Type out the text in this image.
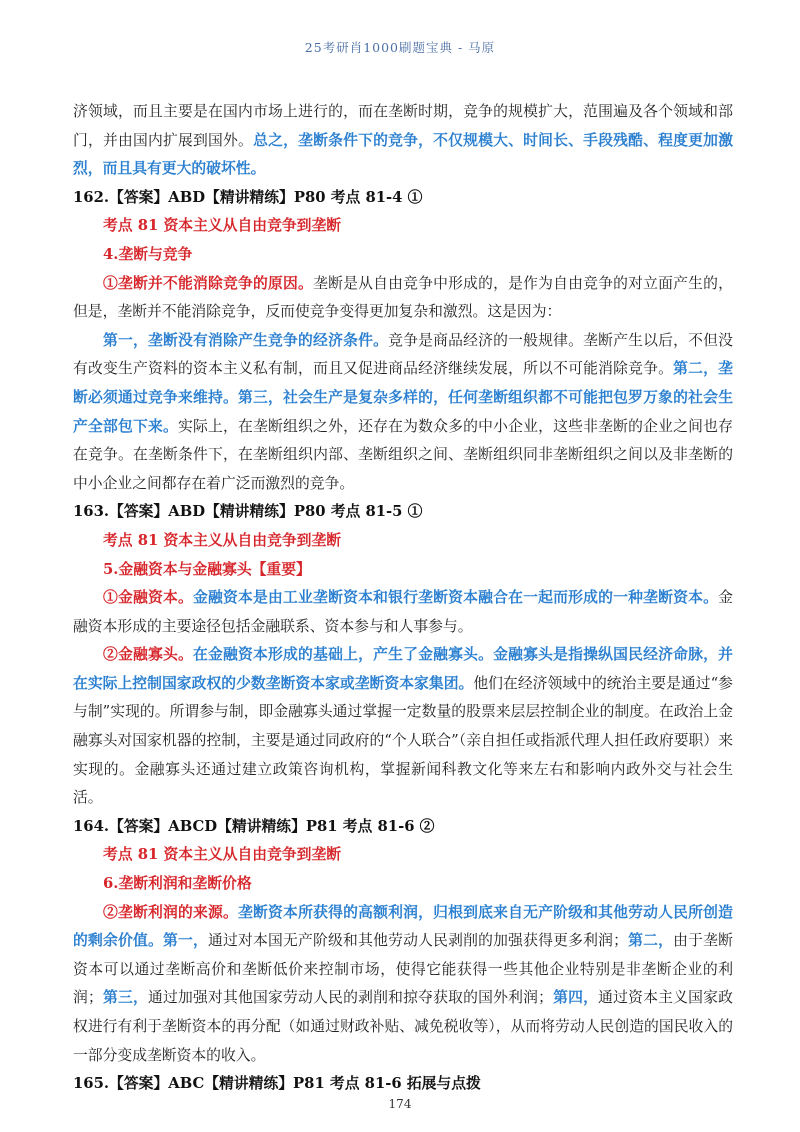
25考研肖1000刷题宝典 - 马原

济领域，而且主要是在国内市场上进行的，而在垄断时期，竞争的规模扩大，范围遍及各个领域和部门，并由国内扩展到国外。总之，垄断条件下的竞争，不仅规模大、时间长、手段残酷、程度更加激烈，而且具有更大的破坏性。

162.【答案】ABD【精讲精练】P80 考点 81-4 ①

考点 81 资本主义从自由竞争到垄断

4.垄断与竞争

①垄断并不能消除竞争的原因。垄断是从自由竞争中形成的，是作为自由竞争的对立面产生的，但是，垄断并不能消除竞争，反而使竞争变得更加复杂和激烈。这是因为：

第一，垄断没有消除产生竞争的经济条件。竞争是商品经济的一般规律。垄断产生以后，不但没有改变生产资料的资本主义私有制，而且又促进商品经济继续发展，所以不可能消除竞争。第二，垄断必须通过竞争来维持。第三，社会生产是复杂多样的，任何垄断组织都不可能把包罗万象的社会生产全部包下来。实际上，在垄断组织之外，还存在为数众多的中小企业，这些非垄断的企业之间也存在竞争。在垄断条件下，在垄断组织内部、垄断组织之间、垄断组织同非垄断组织之间以及非垄断的中小企业之间都存在着广泛而激烈的竞争。

163.【答案】ABD【精讲精练】P80 考点 81-5 ①

考点 81 资本主义从自由竞争到垄断

5.金融资本与金融寡头【重要】

①金融资本。金融资本是由工业垄断资本和银行垄断资本融合在一起而形成的一种垄断资本。金融资本形成的主要途径包括金融联系、资本参与和人事参与。

②金融寡头。在金融资本形成的基础上，产生了金融寡头。金融寡头是指操纵国民经济命脉，并在实际上控制国家政权的少数垄断资本家或垄断资本家集团。他们在经济领域中的统治主要是通过“参与制”实现的。所谓参与制，即金融寡头通过掌握一定数量的股票来层层控制企业的制度。在政治上金融寡头对国家机器的控制，主要是通过同政府的“个人联合”（亲自担任或指派代理人担任政府要职）来实现的。金融寡头还通过建立政策咨询机构，掌握新闻科教文化等来左右和影响内政外交与社会生活。

164.【答案】ABCD【精讲精练】P81 考点 81-6 ②

考点 81 资本主义从自由竞争到垄断

6.垄断利润和垄断价格

②垄断利润的来源。垄断资本所获得的高额利润，归根到底来自无产阶级和其他劳动人民所创造的剩余价值。第一，通过对本国无产阶级和其他劳动人民剥削的加强获得更多利润；第二，由于垄断资本可以通过垄断高价和垄断低价来控制市场，使得它能获得一些其他企业特别是非垄断企业的利润；第三，通过加强对其他国家劳动人民的剥削和掠夺获取的国外利润；第四，通过资本主义国家政权进行有利于垄断资本的再分配（如通过财政补贴、减免税收等），从而将劳动人民创造的国民收入的一部分变成垄断资本的收入。

165.【答案】ABC【精讲精练】P81 考点 81-6 拓展与点拨

174
